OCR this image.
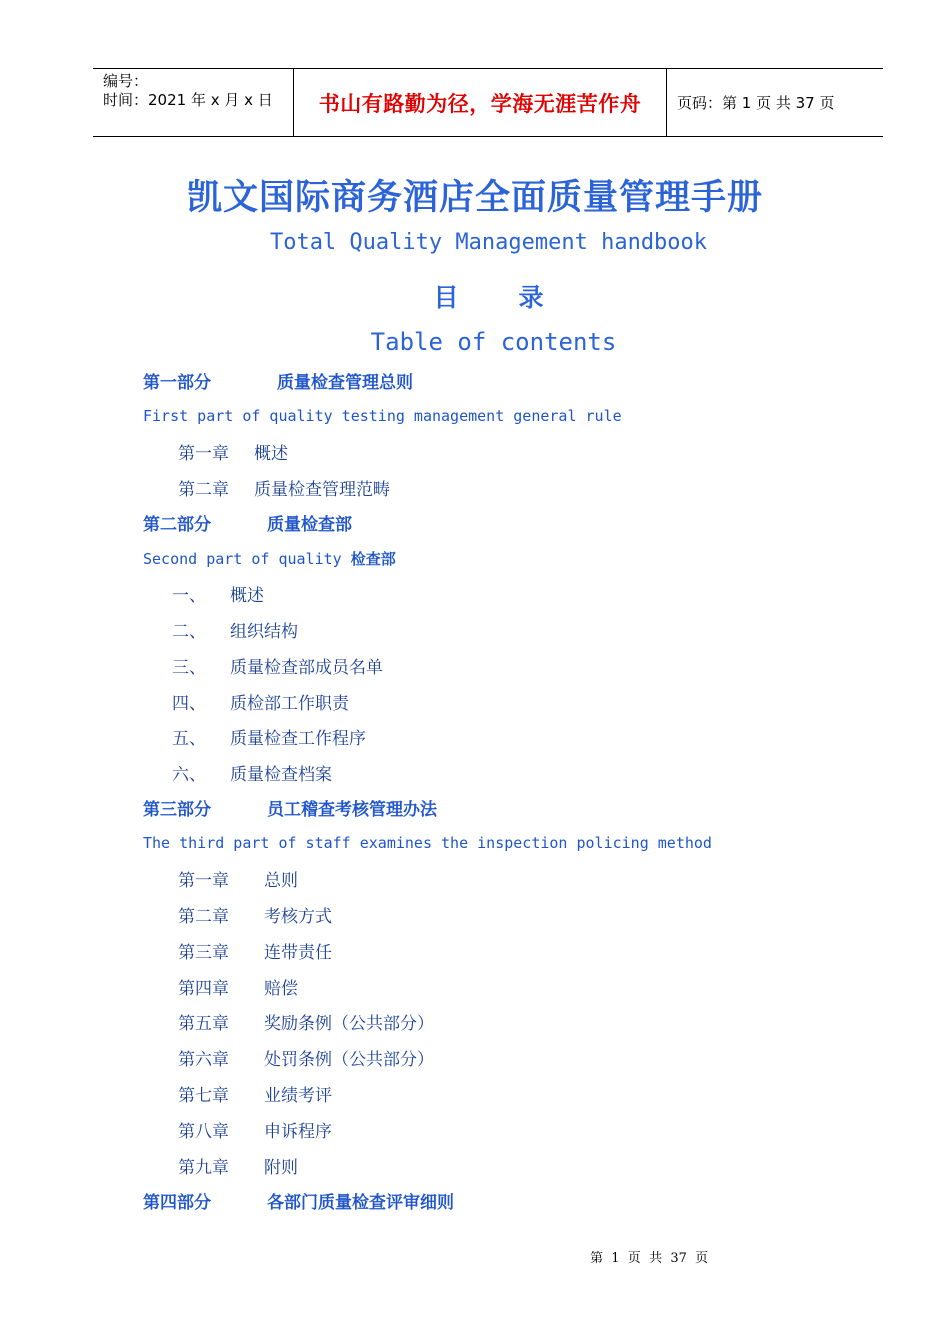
编号：
时间：2021 年 x 月 x 日	书山有路勤为径，学海无涯苦作舟 页码：第 1 页 共 37 页
凯文国际商务酒店全面质量管理手册
Total Quality Management handbook
目 录
Table of contents
第一部分	质量检查管理总则
First part of quality testing management general rule
第一章 概述
第二章 质量检查管理范畴
第二部分	质量检查部
Second part of quality 检查部
一、 概述
二、 组织结构
三、 质量检查部成员名单
四、 质检部工作职责
五、 质量检查工作程序
六、 质量检查档案
第三部分	员工稽查考核管理办法
The third part of staff examines the inspection policing method
第一章 总则
第二章 考核方式
第三章 连带责任
第四章 赔偿
第五章 奖励条例（公共部分）
第六章 处罚条例（公共部分）
第七章 业绩考评
第八章 申诉程序
第九章 附则
第四部分	各部门质量检查评审细则
第  1  页  共  37  页
